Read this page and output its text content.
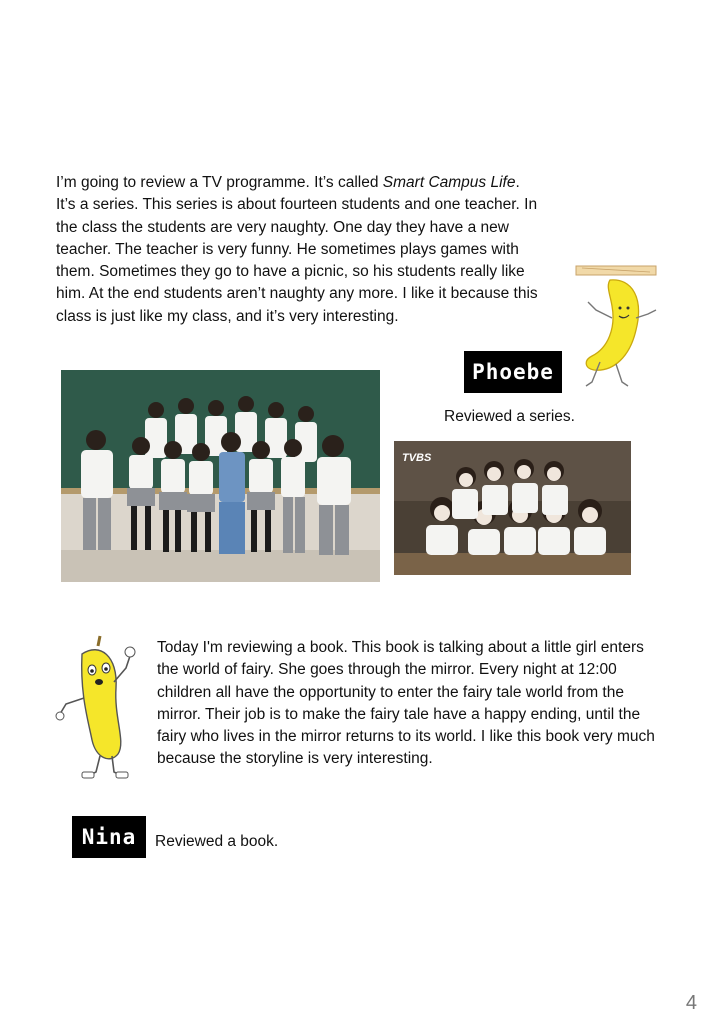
I’m going to review a TV programme. It’s called Smart Campus Life. It’s a series. This series is about fourteen students and one teacher. In the class the students are very naughty. One day they have a new teacher. The teacher is very funny. He sometimes plays games with them. Sometimes they go to have a picnic, so his students really like him. At the end students aren’t naughty any more. I like it because this class is just like my class, and it’s very interesting.

Phoebe
Reviewed a series.
TVBS

Today I'm reviewing a book. This book is talking about a little girl enters the world of fairy. She goes through the mirror. Every night at 12:00 children all have the opportunity to enter the fairy tale world from the mirror. Their job is to make the fairy tale have a happy ending, until the fairy who lives in the mirror returns to its world. I like this book very much because the storyline is very interesting.

Nina	Reviewed a book.
4
